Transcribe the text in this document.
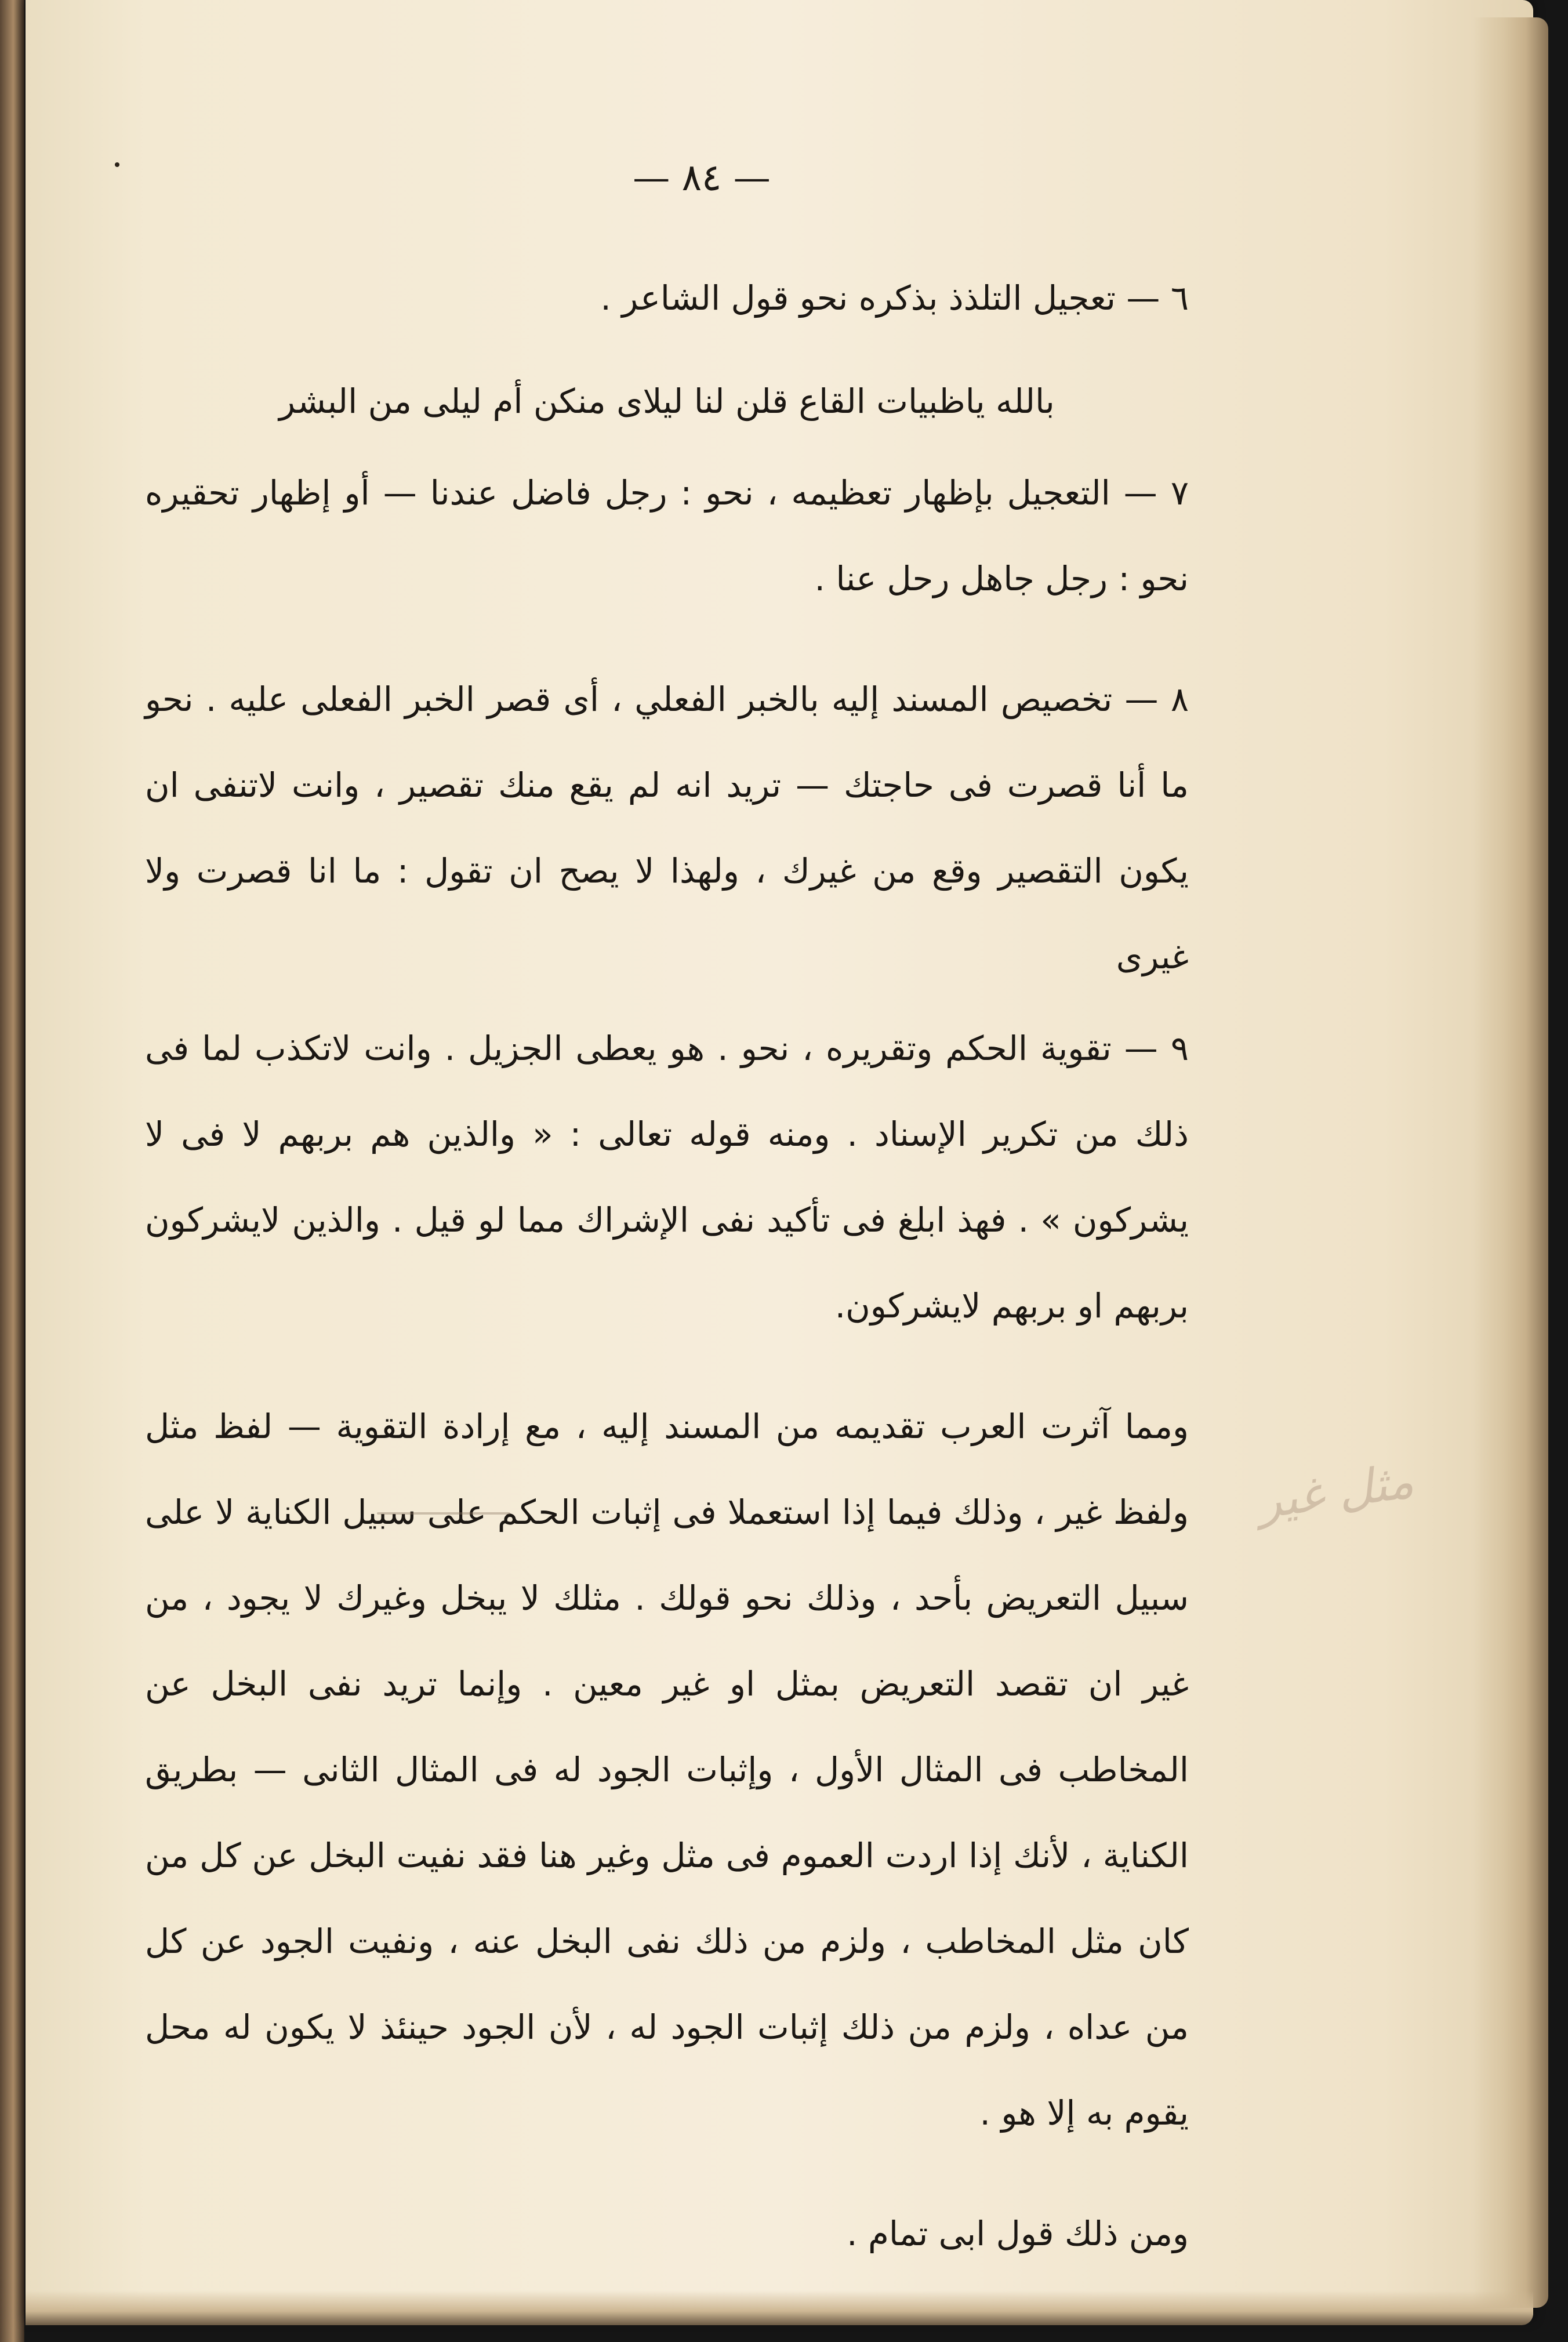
— ٨٤ —

٦ — تعجيل التلذذ بذكره نحو قول الشاعر .

بالله ياظبيات القاع قلن لنا ليلاى منكن أم ليلى من البشر

٧ — التعجيل بإظهار تعظيمه ، نحو : رجل فاضل عندنا — أو إظهار تحقيره نحو : رجل جاهل رحل عنا .

٨ — تخصيص المسند إليه بالخبر الفعلي ، أى قصر الخبر الفعلى عليه . نحو ما أنا قصرت فى حاجتك — تريد انه لم يقع منك تقصير ، وانت لاتنفى ان يكون التقصير وقع من غيرك ، ولهذا لا يصح ان تقول : ما انا قصرت ولا غيرى

٩ — تقوية الحكم وتقريره ، نحو . هو يعطى الجزيل . وانت لاتكذب لما فى ذلك من تكرير الإسناد . ومنه قوله تعالى : « والذين هم بربهم لا فى لا يشركون » . فهذ ابلغ فى تأكيد نفى الإشراك مما لو قيل . والذين لايشركون بربهم او بربهم لايشركون.

ومما آثرت العرب تقديمه من المسند إليه ، مع إرادة التقوية — لفظ مثل ولفظ غير ، وذلك فيما إذا استعملا فى إثبات الحكم على سبيل الكناية لا على سبيل التعريض بأحد ، وذلك نحو قولك . مثلك لا يبخل وغيرك لا يجود ، من غير ان تقصد التعريض بمثل او غير معين . وإنما تريد نفى البخل عن المخاطب فى المثال الأول ، وإثبات الجود له فى المثال الثانى — بطريق الكناية ، لأنك إذا اردت العموم فى مثل وغير هنا فقد نفيت البخل عن كل من كان مثل المخاطب ، ولزم من ذلك نفى البخل عنه ، ونفيت الجود عن كل من عداه ، ولزم من ذلك إثبات الجود له ، لأن الجود حينئذ لا يكون له محل يقوم به إلا هو .

ومن ذلك قول ابى تمام .

مثل غير
